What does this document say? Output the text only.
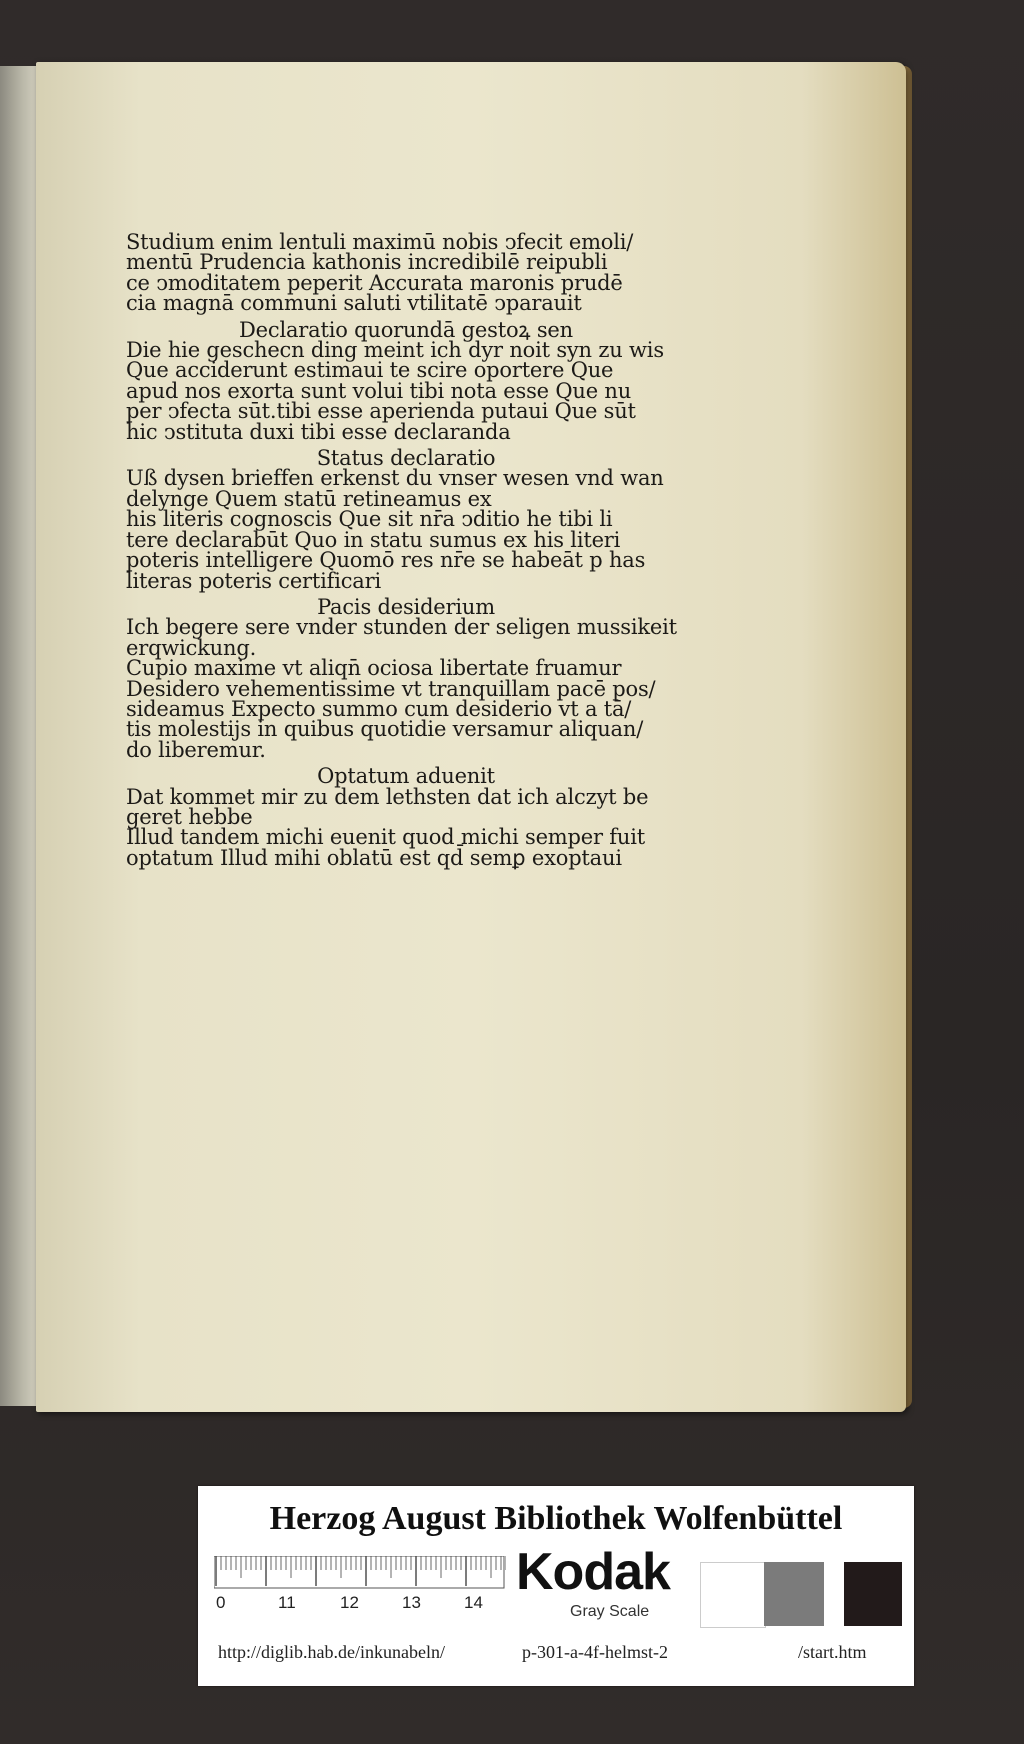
Studium enim lentuli maximū nobis ↄfecit emoli/
mentū Prudencia kathonis incredibilē reipubli
ce ↄmoditatem peperit Accurata maronis prudē
cia magnā communi saluti vtilitatē ↄparauit
Declaratio quorundā gestoꝝ sen
Die hie geschecn ding meint ich dyr noit syn zu wis
Que acciderunt estimaui te scire oportere Que
apud nos exorta sunt volui tibi nota esse Que nu
per ↄfecta sūt.tibi esse aperienda putaui Que sūt
hic ↄstituta duxi tibi esse declaranda
Status declaratio
Uß dysen brieffen erkenst du vnser wesen vnd wan
delynge Quem statū retineamus ex
his literis cognoscis Que sit nr̄a ↄditio he tibi li
tere declarabūt Quo in statu sumus ex his literi
poteris intelligere Quomō res nr̄e se habeāt p has
literas poteris certificari
Pacis desiderium
Ich begere sere vnder stunden der seligen mussikeit
erqwickung.
Cupio maxime vt aliqn̄ ociosa libertate fruamur
Desidero vehementissime vt tranquillam pacē pos/
sideamus Expecto summo cum desiderio vt a tā/
tis molestijs in quibus quotidie versamur aliquan/
do liberemur.
Optatum aduenit
Dat kommet mir zu dem lethsten dat ich alczyt be
geret hebbe
Illud tandem michi euenit quod michi semper fuit
optatum Illud mihi oblatū est qd̄ semꝑ exoptaui
Herzog August Bibliothek Wolfenbüttel
0	11	12	13	14
Kodak
Gray Scale
http://diglib.hab.de/inkunabeln/	p-301-a-4f-helmst-2	/start.htm
